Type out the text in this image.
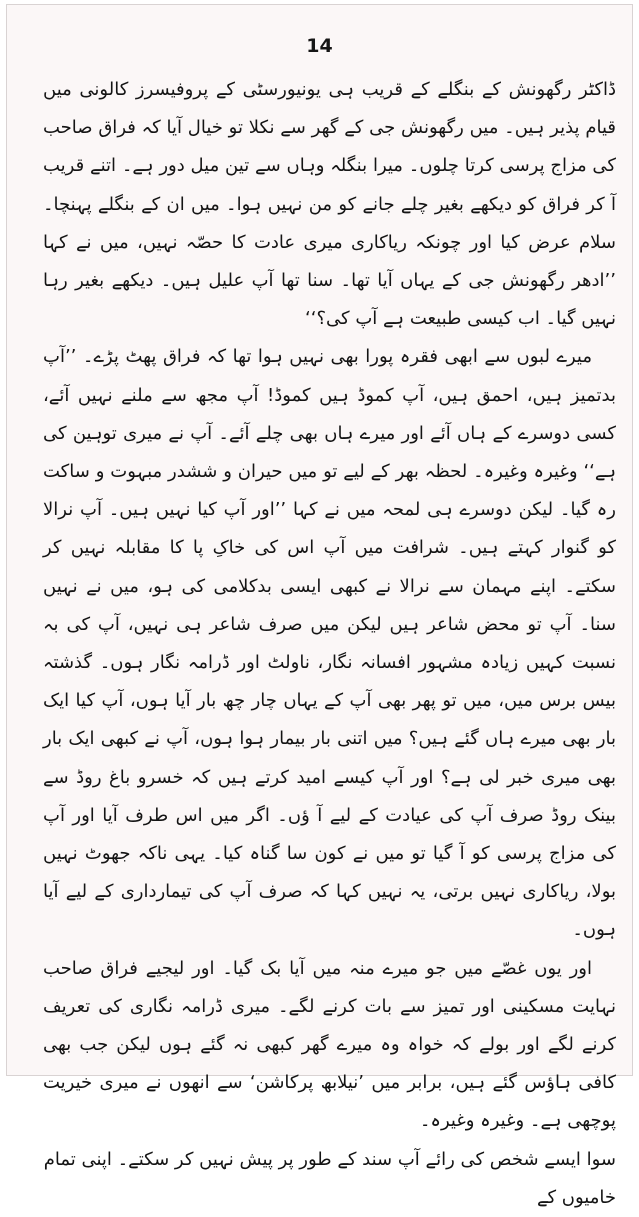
14

ڈاکٹر رگھونش کے بنگلے کے قریب ہی یونیورسٹی کے پروفیسرز کالونی میں قیام پذیر ہیں۔ میں رگھونش جی کے گھر سے نکلا تو خیال آیا کہ فراق صاحب کی مزاج پرسی کرتا چلوں۔ میرا بنگلہ وہاں سے تین میل دور ہے۔ اتنے قریب آ کر فراق کو دیکھے بغیر چلے جانے کو من نہیں ہوا۔ میں ان کے بنگلے پہنچا۔ سلام عرض کیا اور چونکہ ریاکاری میری عادت کا حصّہ نہیں، میں نے کہا ’’ادھر رگھونش جی کے یہاں آیا تھا۔ سنا تھا آپ علیل ہیں۔ دیکھے بغیر رہا نہیں گیا۔ اب کیسی طبیعت ہے آپ کی؟‘‘

میرے لبوں سے ابھی فقرہ پورا بھی نہیں ہوا تھا کہ فراق پھٹ پڑے۔ ’’آپ بدتمیز ہیں، احمق ہیں، آپ کموڈ ہیں کموڈ! آپ مجھ سے ملنے نہیں آئے، کسی دوسرے کے ہاں آئے اور میرے ہاں بھی چلے آئے۔ آپ نے میری توہین کی ہے‘‘ وغیرہ وغیرہ۔ لحظہ بھر کے لیے تو میں حیران و ششدر مبہوت و ساکت رہ گیا۔ لیکن دوسرے ہی لمحہ میں نے کہا ’’اور آپ کیا نہیں ہیں۔ آپ نرالا کو گنوار کہتے ہیں۔ شرافت میں آپ اس کی خاکِ پا کا مقابلہ نہیں کر سکتے۔ اپنے مہمان سے نرالا نے کبھی ایسی بدکلامی کی ہو، میں نے نہیں سنا۔ آپ تو محض شاعر ہیں لیکن میں صرف شاعر ہی نہیں، آپ کی بہ نسبت کہیں زیادہ مشہور افسانہ نگار، ناولٹ اور ڈرامہ نگار ہوں۔ گذشتہ بیس برس میں، میں تو پھر بھی آپ کے یہاں چار چھ بار آیا ہوں، آپ کیا ایک بار بھی میرے ہاں گئے ہیں؟ میں اتنی بار بیمار ہوا ہوں، آپ نے کبھی ایک بار بھی میری خبر لی ہے؟ اور آپ کیسے امید کرتے ہیں کہ خسرو باغ روڈ سے بینک روڈ صرف آپ کی عیادت کے لیے آ ؤں۔ اگر میں اس طرف آیا اور آپ کی مزاج پرسی کو آ گیا تو میں نے کون سا گناہ کیا۔ یہی ناکہ جھوٹ نہیں بولا، ریاکاری نہیں برتی، یہ نہیں کہا کہ صرف آپ کی تیمارداری کے لیے آیا ہوں۔

اور یوں غصّے میں جو میرے منہ میں آیا بک گیا۔ اور لیجیے فراق صاحب نہایت مسکینی اور تمیز سے بات کرنے لگے۔ میری ڈرامہ نگاری کی تعریف کرنے لگے اور بولے کہ خواہ وہ میرے گھر کبھی نہ گئے ہوں لیکن جب بھی کافی ہاؤس گئے ہیں، برابر میں ’نیلابھ پرکاشن‘ سے انھوں نے میری خیریت پوچھی ہے۔ وغیرہ وغیرہ۔

سوا ایسے شخص کی رائے آپ سند کے طور پر پیش نہیں کر سکتے۔ اپنی تمام خامیوں کے
